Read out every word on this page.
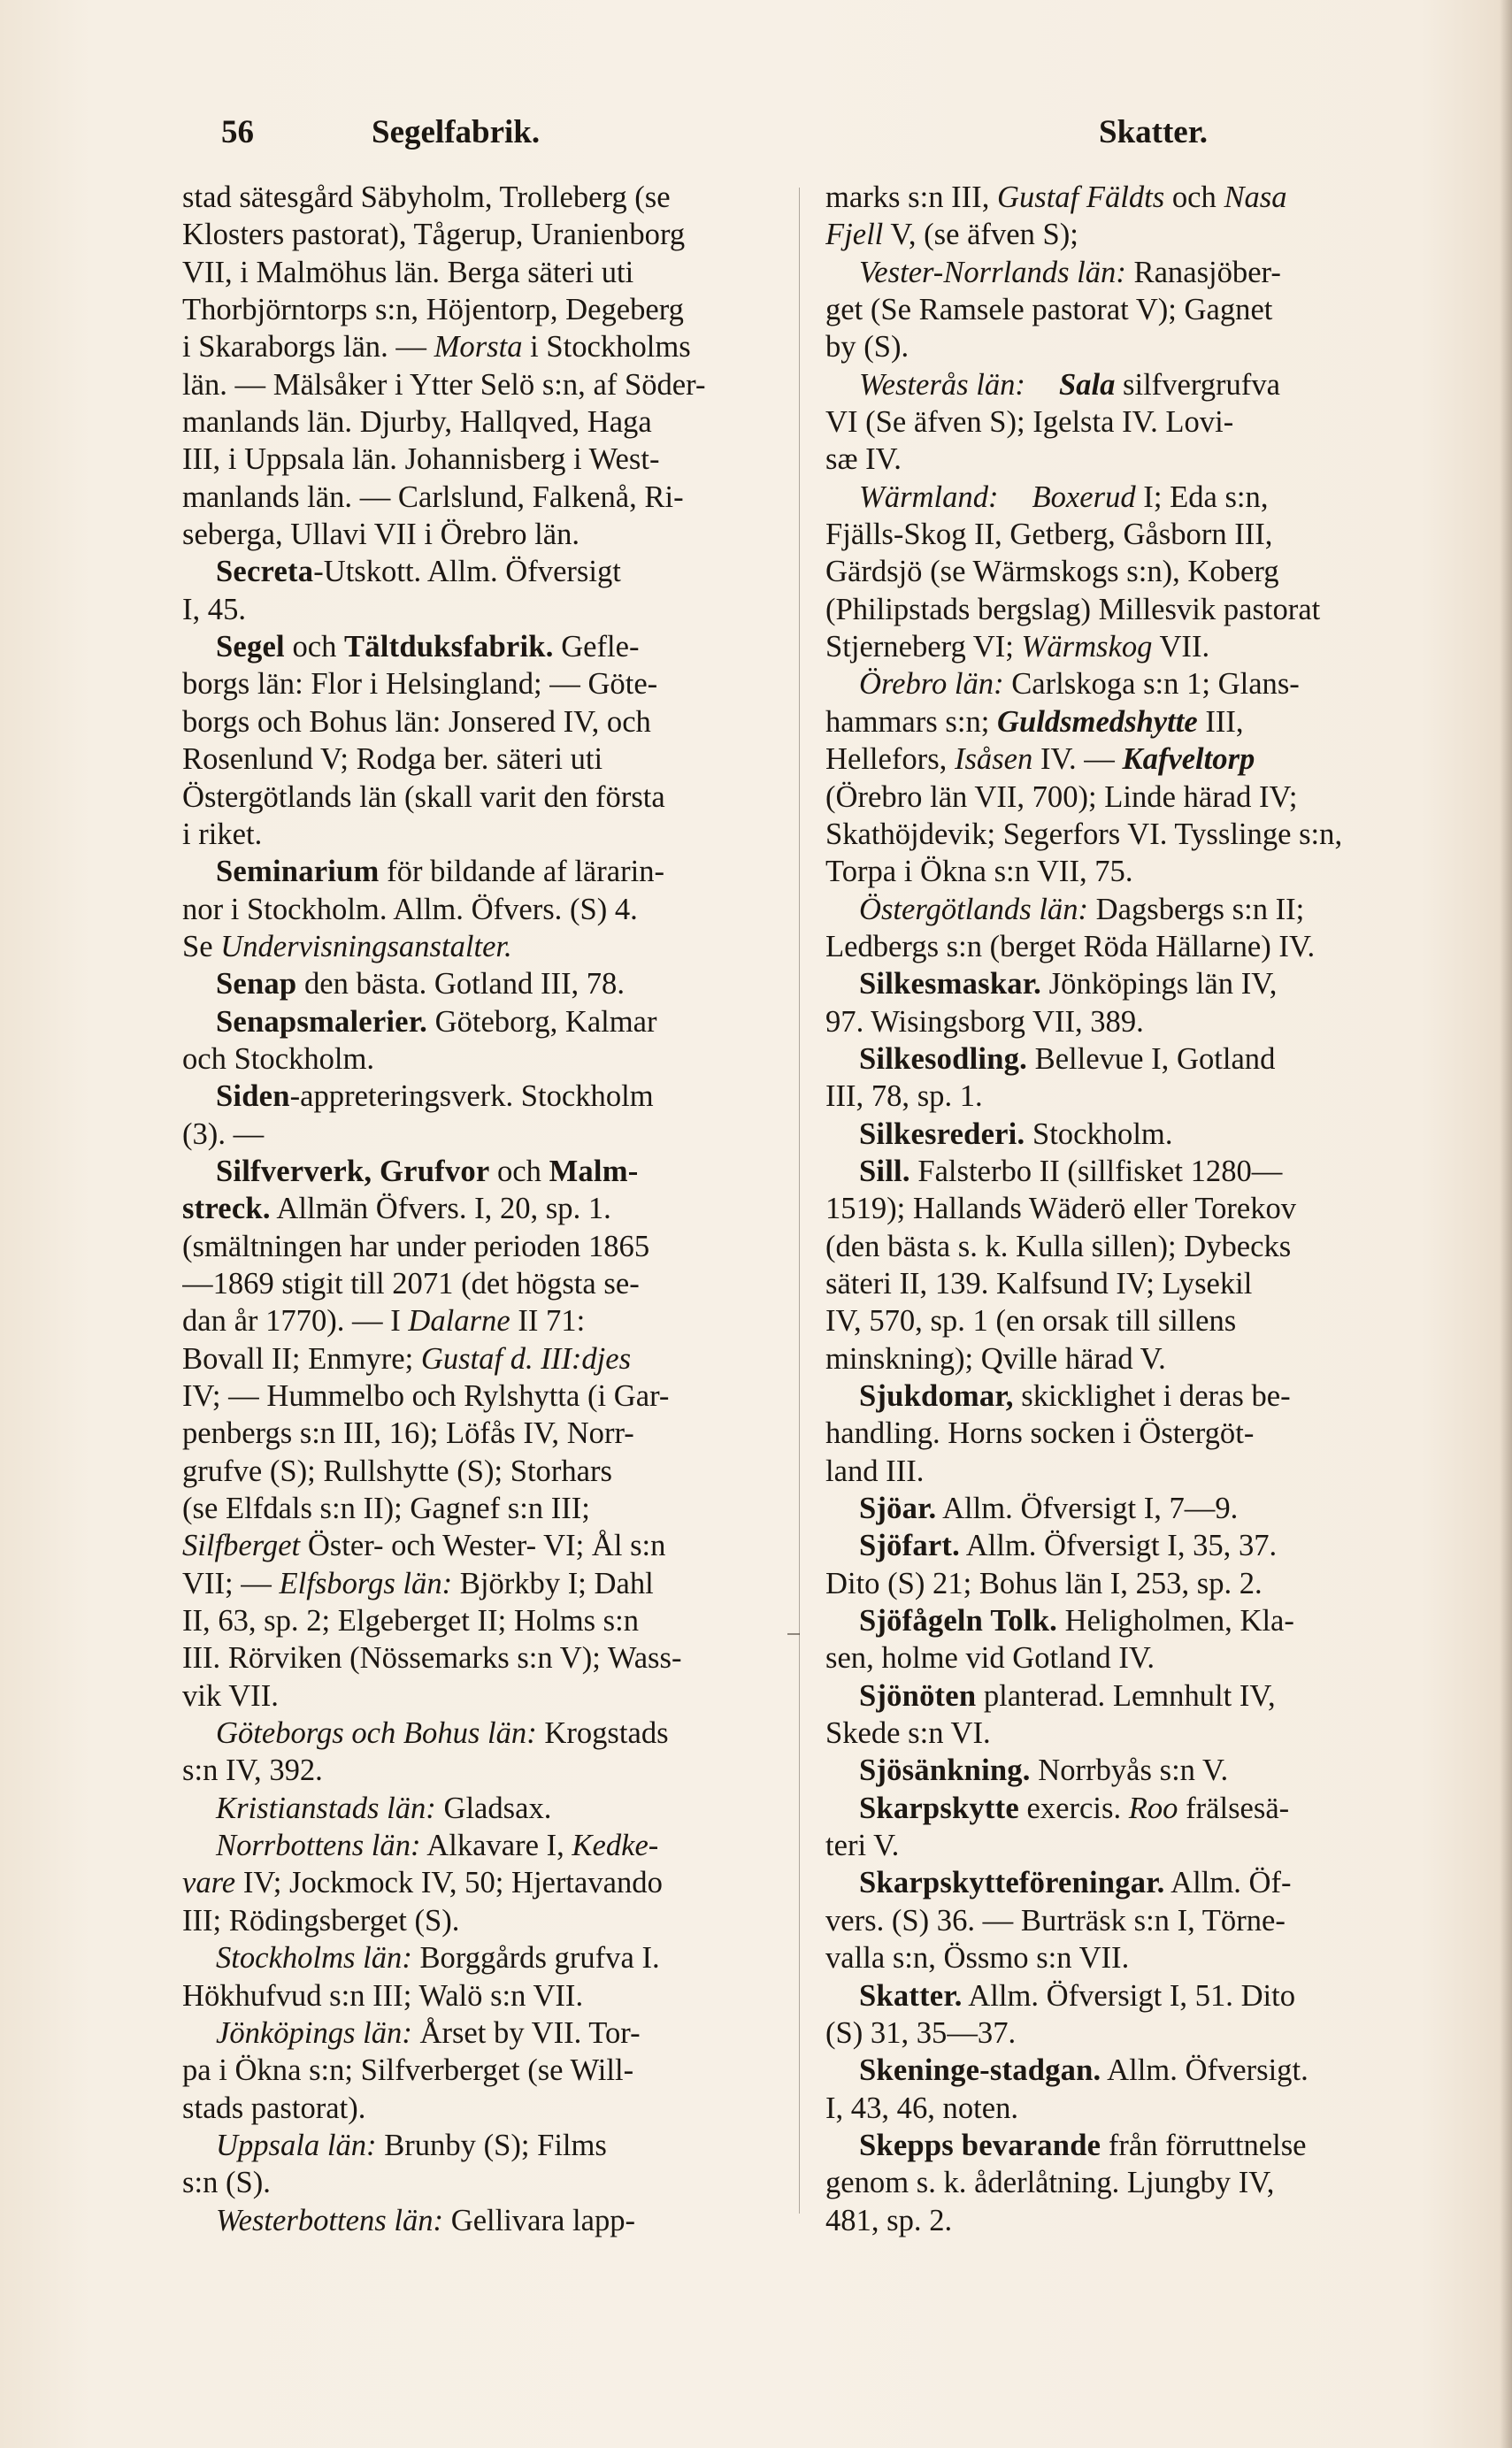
56	Segelfabrik.	Skatter.
stad sätesgård Säbyholm, Trolleberg (se
Klosters pastorat), Tågerup, Uranienborg
VII, i Malmöhus län. Berga säteri uti
Thorbjörntorps s:n, Höjentorp, Degeberg
i Skaraborgs län. — Morsta i Stockholms
län. — Mälsåker i Ytter Selö s:n, af Söder-
manlands län. Djurby, Hallqved, Haga
III, i Uppsala län. Johannisberg i West-
manlands län. — Carlslund, Falkenå, Ri-
seberga, Ullavi VII i Örebro län.
Secreta-Utskott. Allm. Öfversigt
I, 45.
Segel och Tältduksfabrik. Gefle-
borgs län: Flor i Helsingland; — Göte-
borgs och Bohus län: Jonsered IV, och
Rosenlund V; Rodga ber. säteri uti
Östergötlands län (skall varit den första
i riket.
Seminarium för bildande af lärarin-
nor i Stockholm. Allm. Öfvers. (S) 4.
Se Undervisningsanstalter.
Senap den bästa. Gotland III, 78.
Senapsmalerier. Göteborg, Kalmar
och Stockholm.
Siden-appreteringsverk. Stockholm
(3). —
Silfververk, Grufvor och Malm-
streck. Allmän Öfvers. I, 20, sp. 1.
(smältningen har under perioden 1865
—1869 stigit till 2071 (det högsta se-
dan år 1770). — I Dalarne II 71:
Bovall II; Enmyre; Gustaf d. III:djes
IV; — Hummelbo och Rylshytta (i Gar-
penbergs s:n III, 16); Löfås IV, Norr-
grufve (S); Rullshytte (S); Storhars
(se Elfdals s:n II); Gagnef s:n III;
Silfberget Öster- och Wester- VI; Ål s:n
VII; — Elfsborgs län: Björkby I; Dahl
II, 63, sp. 2; Elgeberget II; Holms s:n
III. Rörviken (Nössemarks s:n V); Wass-
vik VII.
Göteborgs och Bohus län: Krogstads
s:n IV, 392.
Kristianstads län: Gladsax.
Norrbottens län: Alkavare I, Kedke-
vare IV; Jockmock IV, 50; Hjertavando
III; Rödingsberget (S).
Stockholms län: Borggårds grufva I.
Hökhufvud s:n III; Walö s:n VII.
Jönköpings län: Årset by VII. Tor-
pa i Ökna s:n; Silfverberget (se Will-
stads pastorat).
Uppsala län: Brunby (S); Films
s:n (S).
Westerbottens län: Gellivara lapp-
marks s:n III, Gustaf Fäldts och Nasa
Fjell V, (se äfven S);
Vester-Norrlands län: Ranasjöber-
get (Se Ramsele pastorat V); Gagnet
by (S).
Westerås län: Sala silfvergrufva
VI (Se äfven S); Igelsta IV. Lovi-
sæ IV.
Wärmland: Boxerud I; Eda s:n,
Fjälls-Skog II, Getberg, Gåsborn III,
Gärdsjö (se Wärmskogs s:n), Koberg
(Philipstads bergslag) Millesvik pastorat
Stjerneberg VI; Wärmskog VII.
Örebro län: Carlskoga s:n 1; Glans-
hammars s:n; Guldsmedshytte III,
Hellefors, Isåsen IV. — Kafveltorp
(Örebro län VII, 700); Linde härad IV;
Skathöjdevik; Segerfors VI. Tysslinge s:n,
Torpa i Ökna s:n VII, 75.
Östergötlands län: Dagsbergs s:n II;
Ledbergs s:n (berget Röda Hällarne) IV.
Silkesmaskar. Jönköpings län IV,
97. Wisingsborg VII, 389.
Silkesodling. Bellevue I, Gotland
III, 78, sp. 1.
Silkesrederi. Stockholm.
Sill. Falsterbo II (sillfisket 1280—
1519); Hallands Wäderö eller Torekov
(den bästa s. k. Kulla sillen); Dybecks
säteri II, 139. Kalfsund IV; Lysekil
IV, 570, sp. 1 (en orsak till sillens
minskning); Qville härad V.
Sjukdomar, skicklighet i deras be-
handling. Horns socken i Östergöt-
land III.
Sjöar. Allm. Öfversigt I, 7—9.
Sjöfart. Allm. Öfversigt I, 35, 37.
Dito (S) 21; Bohus län I, 253, sp. 2.
Sjöfågeln Tolk. Heligholmen, Kla-
sen, holme vid Gotland IV.
Sjönöten planterad. Lemnhult IV,
Skede s:n VI.
Sjösänkning. Norrbyås s:n V.
Skarpskytte exercis. Roo frälsesä-
teri V.
Skarpskytteföreningar. Allm. Öf-
vers. (S) 36. — Burträsk s:n I, Törne-
valla s:n, Össmo s:n VII.
Skatter. Allm. Öfversigt I, 51. Dito
(S) 31, 35—37.
Skeninge-stadgan. Allm. Öfversigt.
I, 43, 46, noten.
Skepps bevarande från förruttnelse
genom s. k. åderlåtning. Ljungby IV,
481, sp. 2.
